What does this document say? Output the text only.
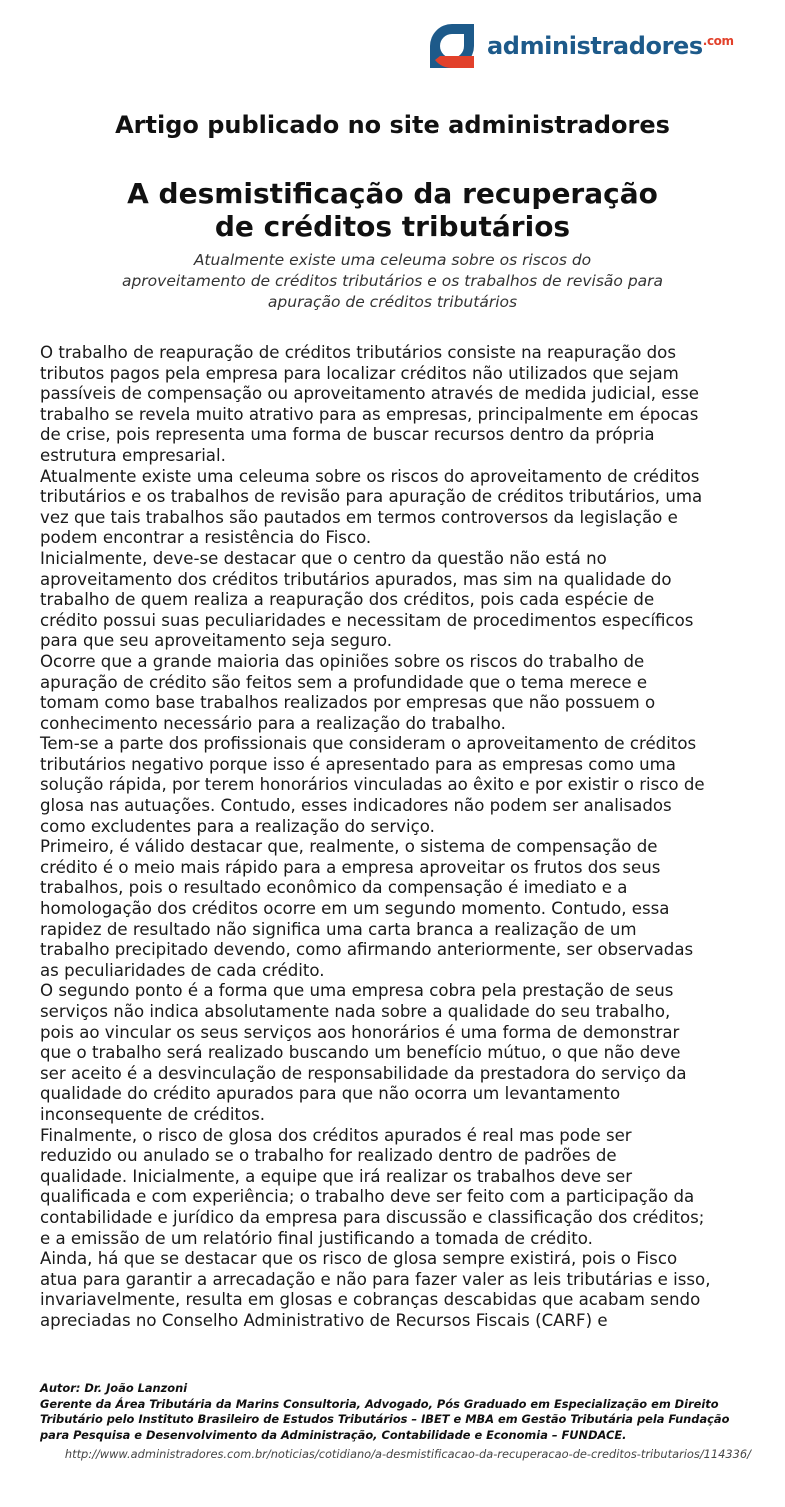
administradores$^{.com}$
Artigo publicado no site administradores
A desmistificação da recuperação
de créditos tributários
Atualmente existe uma celeuma sobre os riscos do
aproveitamento de créditos tributários e os trabalhos de revisão para
apuração de créditos tributários

O trabalho de reapuração de créditos tributários consiste na reapuração dos
tributos pagos pela empresa para localizar créditos não utilizados que sejam
passíveis de compensação ou aproveitamento através de medida judicial, esse
trabalho se revela muito atrativo para as empresas, principalmente em épocas
de crise, pois representa uma forma de buscar recursos dentro da própria
estrutura empresarial.

Atualmente existe uma celeuma sobre os riscos do aproveitamento de créditos
tributários e os trabalhos de revisão para apuração de créditos tributários, uma
vez que tais trabalhos são pautados em termos controversos da legislação e
podem encontrar a resistência do Fisco.

Inicialmente, deve-se destacar que o centro da questão não está no
aproveitamento dos créditos tributários apurados, mas sim na qualidade do
trabalho de quem realiza a reapuração dos créditos, pois cada espécie de
crédito possui suas peculiaridades e necessitam de procedimentos específicos
para que seu aproveitamento seja seguro.

Ocorre que a grande maioria das opiniões sobre os riscos do trabalho de
apuração de crédito são feitos sem a profundidade que o tema merece e
tomam como base trabalhos realizados por empresas que não possuem o
conhecimento necessário para a realização do trabalho.

Tem-se a parte dos profissionais que consideram o aproveitamento de créditos
tributários negativo porque isso é apresentado para as empresas como uma
solução rápida, por terem honorários vinculadas ao êxito e por existir o risco de
glosa nas autuações. Contudo, esses indicadores não podem ser analisados
como excludentes para a realização do serviço.

Primeiro, é válido destacar que, realmente, o sistema de compensação de
crédito é o meio mais rápido para a empresa aproveitar os frutos dos seus
trabalhos, pois o resultado econômico da compensação é imediato e a
homologação dos créditos ocorre em um segundo momento. Contudo, essa
rapidez de resultado não significa uma carta branca a realização de um
trabalho precipitado devendo, como afirmando anteriormente, ser observadas
as peculiaridades de cada crédito.

O segundo ponto é a forma que uma empresa cobra pela prestação de seus
serviços não indica absolutamente nada sobre a qualidade do seu trabalho,
pois ao vincular os seus serviços aos honorários é uma forma de demonstrar
que o trabalho será realizado buscando um benefício mútuo, o que não deve
ser aceito é a desvinculação de responsabilidade da prestadora do serviço da
qualidade do crédito apurados para que não ocorra um levantamento
inconsequente de créditos.

Finalmente, o risco de glosa dos créditos apurados é real mas pode ser
reduzido ou anulado se o trabalho for realizado dentro de padrões de
qualidade. Inicialmente, a equipe que irá realizar os trabalhos deve ser
qualificada e com experiência; o trabalho deve ser feito com a participação da
contabilidade e jurídico da empresa para discussão e classificação dos créditos;
e a emissão de um relatório final justificando a tomada de crédito.

Ainda, há que se destacar que os risco de glosa sempre existirá, pois o Fisco
atua para garantir a arrecadação e não para fazer valer as leis tributárias e isso,
invariavelmente, resulta em glosas e cobranças descabidas que acabam sendo
apreciadas no Conselho Administrativo de Recursos Fiscais (CARF) e

Autor: Dr. João Lanzoni

Gerente da Área Tributária da Marins Consultoria, Advogado, Pós Graduado em Especialização em Direito
Tributário pelo Instituto Brasileiro de Estudos Tributários – IBET e MBA em Gestão Tributária pela Fundação
para Pesquisa e Desenvolvimento da Administração, Contabilidade e Economia – FUNDACE.

http://www.administradores.com.br/noticias/cotidiano/a-desmistificacao-da-recuperacao-de-creditos-tributarios/114336/
